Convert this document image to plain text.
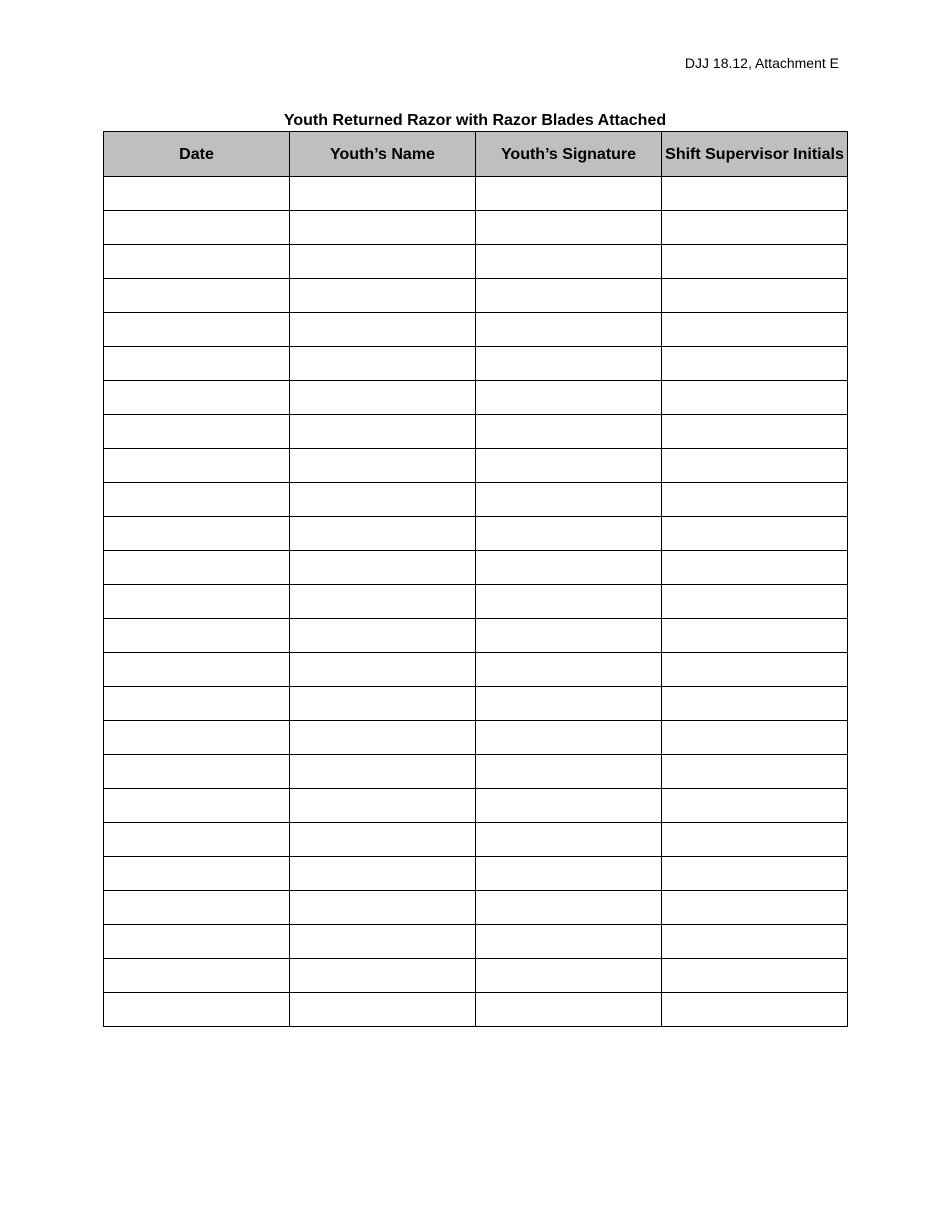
DJJ 18.12, Attachment E
Youth Returned Razor with Razor Blades Attached
Date	Youth’s Name	Youth’s Signature	Shift Supervisor Initials
